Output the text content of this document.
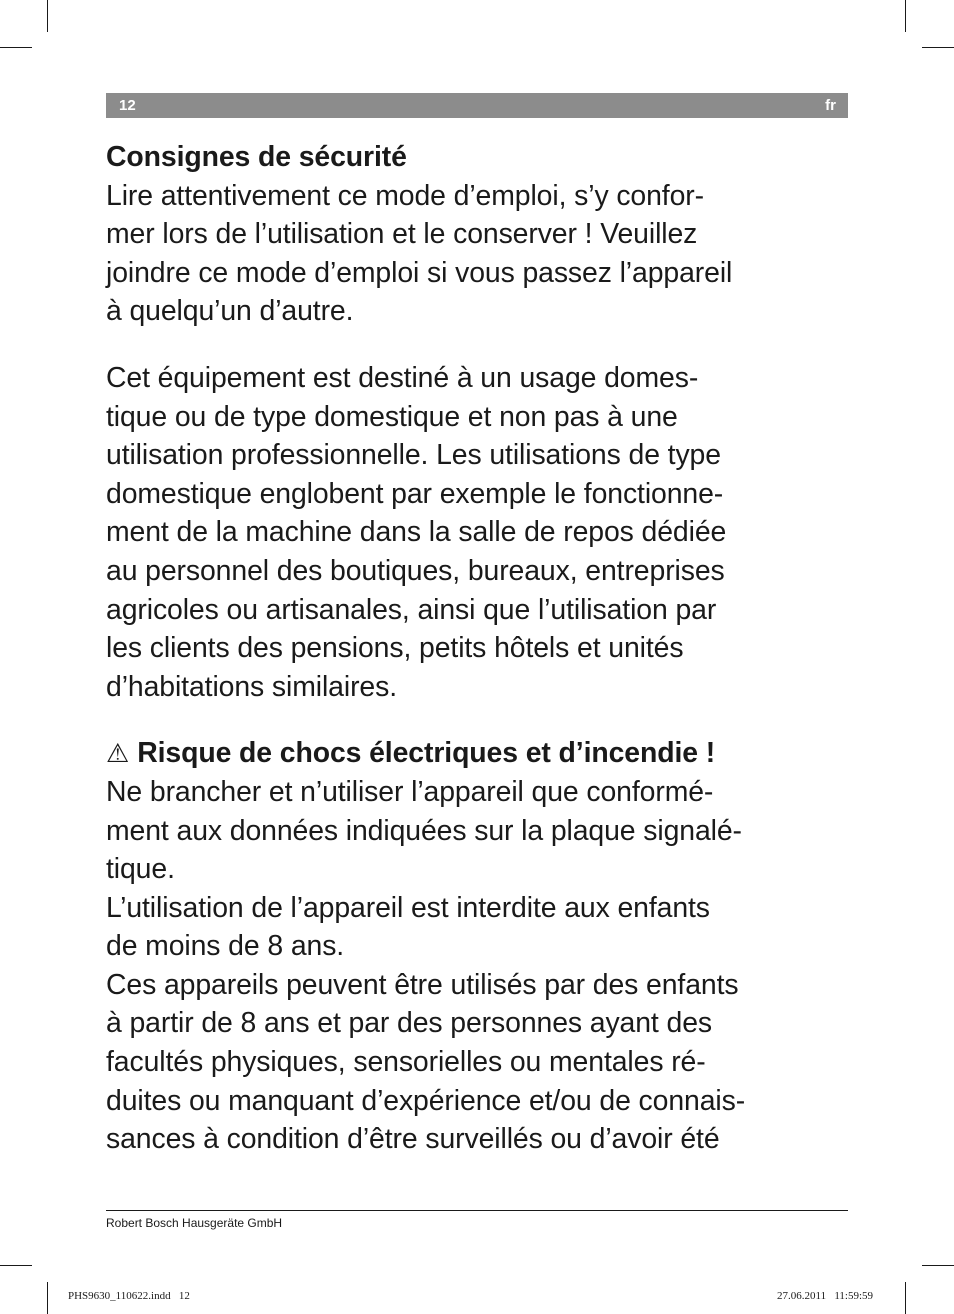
12	fr
Consignes de sécurité
Lire attentivement ce mode d’emploi, s’y confor-
mer lors de l’utilisation et le conserver ! Veuillez
joindre ce mode d’emploi si vous passez l’appareil
à quelqu’un d’autre.
Cet équipement est destiné à un usage domes-
tique ou de type domestique et non pas à une
utilisation professionnelle. Les utilisations de type
domestique englobent par exemple le fonctionne-
ment de la machine dans la salle de repos dédiée
au personnel des boutiques, bureaux, entreprises
agricoles ou artisanales, ainsi que l’utilisation par
les clients des pensions, petits hôtels et unités
d’habitations similaires.
⚠ Risque de chocs électriques et d’incendie !
Ne brancher et n’utiliser l’appareil que conformé-
ment aux données indiquées sur la plaque signalé-
tique.
L’utilisation de l’appareil est interdite aux enfants
de moins de 8 ans.
Ces appareils peuvent être utilisés par des enfants
à partir de 8 ans et par des personnes ayant des
facultés physiques, sensorielles ou mentales ré-
duites ou manquant d’expérience et/ou de connais-
sances à condition d’être surveillés ou d’avoir été
Robert Bosch Hausgeräte GmbH
PHS9630_110622.indd   12	27.06.2011   11:59:59
